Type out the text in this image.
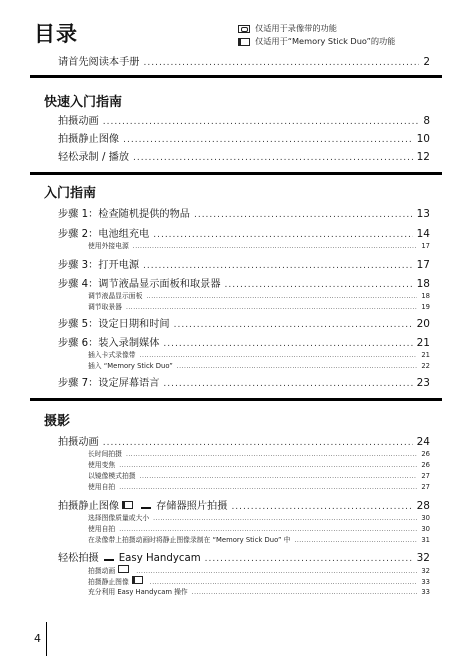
目录	仅适用于录像带的功能
仅适用于“Memory Stick Duo”的功能
请首先阅读本手册 .....	2
快速入门指南
拍摄动画 .....	8
拍摄静止图像 .....	10
轻松录制 / 播放 .....	12
入门指南
步骤 1：检查随机提供的物品 .....	13
步骤 2：电池组充电 .....	14
使用外接电源 .....	17
步骤 3：打开电源 .....	17
步骤 4：调节液晶显示面板和取景器 .....	18
调节液晶显示面板 .....	18
调节取景器 .....	19
步骤 5：设定日期和时间 .....	20
步骤 6：装入录制媒体 .....	21
插入卡式录像带 .....	21
插入 “Memory Stick Duo” .....	22
步骤 7：设定屏幕语言 .....	23
摄影
拍摄动画 .....	24
长时间拍摄 .....	26
使用变焦 .....	26
以镜像模式拍摄 .....	27
使用自拍 .....	27
拍摄静止图像	存储器照片拍摄 .....	28
选择图像质量或大小 .....	30
使用自拍 .....	30
在录像带上拍摄动画时将静止图像录制在 “Memory Stick Duo” 中 .....	31
轻松拍摄 Easy Handycam .....	32
拍摄动画 .....	32
拍摄静止图像 .....	33
充分利用 Easy Handycam 操作 .....	33
4
